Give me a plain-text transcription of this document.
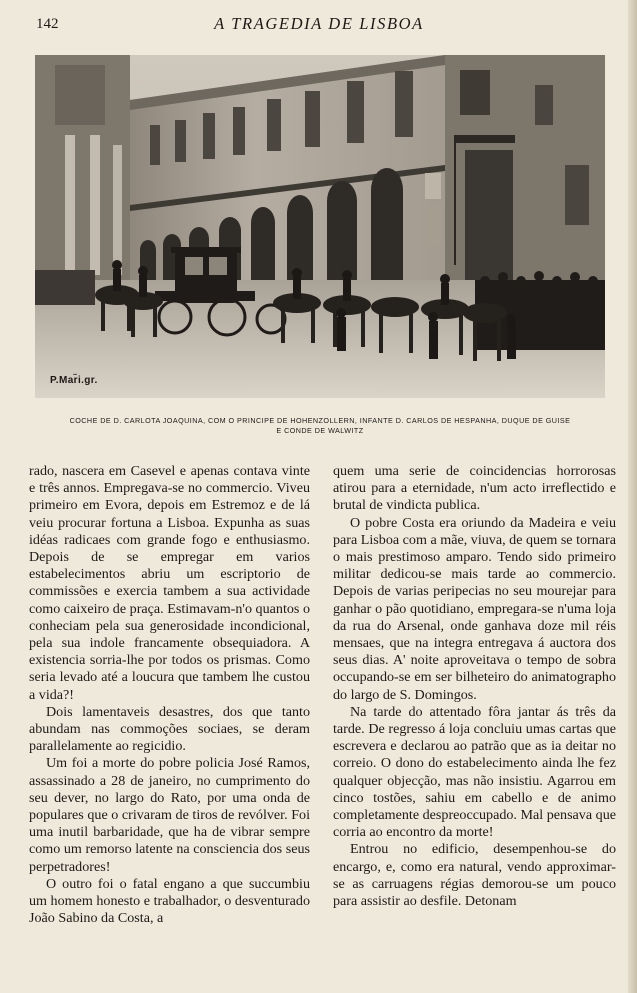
142	A TRAGEDIA DE LISBOA
P.Mar̃i.gr.
COCHE DE D. CARLOTA JOAQUINA, COM O PRINCIPE DE HOHENZOLLERN, INFANTE D. CARLOS DE HESPANHA, DUQUE DE GUISE
E CONDE DE WALWITZ

rado, nascera em Casevel e apenas contava vinte e três annos. Empregava-se no commercio. Viveu primeiro em Evora, depois em Estremoz e de lá veiu procurar fortuna a Lisboa. Expunha as suas idéas radicaes com grande fogo e enthusiasmo. Depois de se empregar em varios estabelecimentos abriu um escriptorio de commissões e exercia tambem a sua actividade como caixeiro de praça. Estimavam-n'o quantos o conheciam pela sua generosidade incondicional, pela sua indole francamente obsequiadora. A existencia sorria-lhe por todos os prismas. Como seria levado até a loucura que tambem lhe custou a vida?!

Dois lamentaveis desastres, dos que tanto abundam nas commoções sociaes, se deram parallelamente ao regicidio.

Um foi a morte do pobre policia José Ramos, assassinado a 28 de janeiro, no cumprimento do seu dever, no largo do Rato, por uma onda de populares que o crivaram de tiros de revólver. Foi uma inutil barbaridade, que ha de vibrar sempre como um remorso latente na consciencia dos seus perpetradores!

O outro foi o fatal engano a que succumbiu um homem honesto e trabalhador, o desventurado João Sabino da Costa, a

quem uma serie de coincidencias horrorosas atirou para a eternidade, n'um acto irreflectido e brutal de vindicta publica.

O pobre Costa era oriundo da Madeira e veiu para Lisboa com a mãe, viuva, de quem se tornara o mais prestimoso amparo. Tendo sido primeiro militar dedicou-se mais tarde ao commercio. Depois de varias peripecias no seu mourejar para ganhar o pão quotidiano, empregara-se n'uma loja da rua do Arsenal, onde ganhava doze mil réis mensaes, que na integra entregava á auctora dos seus dias. A' noite aproveitava o tempo de sobra occupando-se em ser bilheteiro do animatographo do largo de S. Domingos.

Na tarde do attentado fôra jantar ás três da tarde. De regresso á loja concluiu umas cartas que escrevera e declarou ao patrão que as ia deitar no correio. O dono do estabelecimento ainda lhe fez qualquer objecção, mas não insistiu. Agarrou em cinco tostões, sahiu em cabello e de animo completamente despreoccupado. Mal pensava que corria ao encontro da morte!

Entrou no edificio, desempenhou-se do encargo, e, como era natural, vendo approximar-se as carruagens régias demorou-se um pouco para assistir ao desfile. Detonam
